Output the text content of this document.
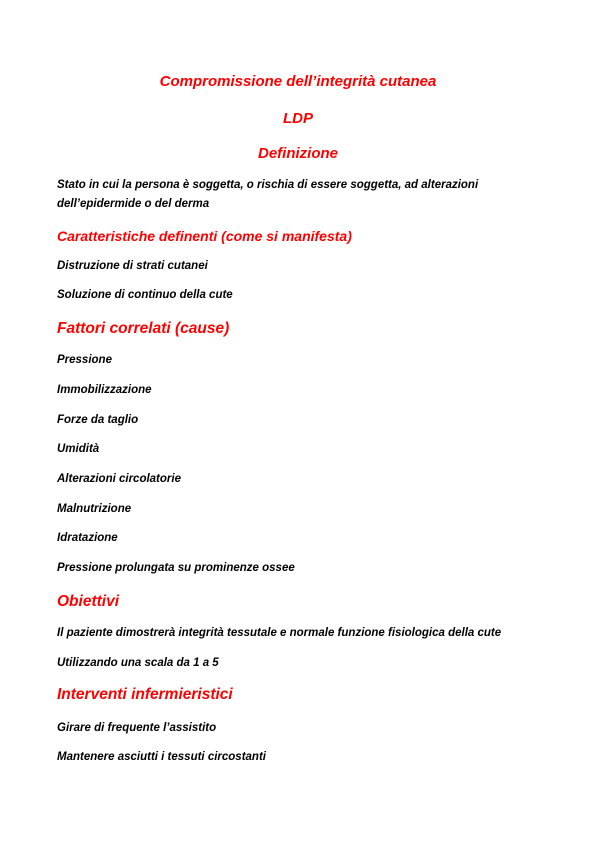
Compromissione dell’integrità cutanea
LDP
Definizione

Stato in cui la persona è soggetta, o rischia di essere soggetta, ad alterazioni dell’epidermide o del derma

Caratteristiche definenti (come si manifesta)

Distruzione di strati cutanei

Soluzione di continuo della cute

Fattori correlati (cause)

Pressione

Immobilizzazione

Forze da taglio

Umidità

Alterazioni circolatorie

Malnutrizione

Idratazione

Pressione prolungata su prominenze ossee

Obiettivi

Il paziente dimostrerà integrità tessutale e normale funzione fisiologica della cute

Utilizzando una scala da 1 a 5

Interventi infermieristici

Girare di frequente l’assistito

Mantenere asciutti i tessuti circostanti
